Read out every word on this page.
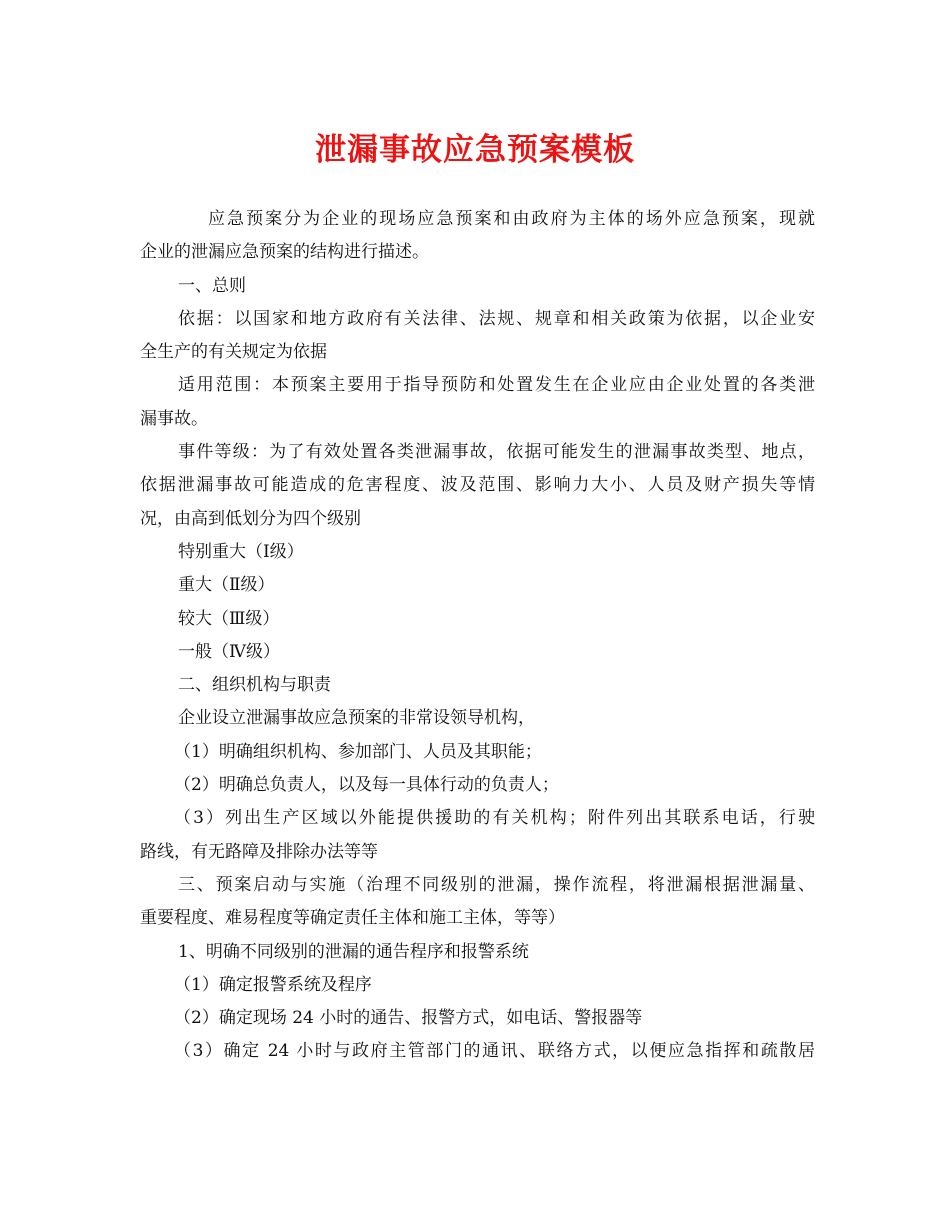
泄漏事故应急预案模板
应急预案分为企业的现场应急预案和由政府为主体的场外应急预案，现就
企业的泄漏应急预案的结构进行描述。
一、总则
依据：以国家和地方政府有关法律、法规、规章和相关政策为依据，以企业安
全生产的有关规定为依据
适用范围：本预案主要用于指导预防和处置发生在企业应由企业处置的各类泄
漏事故。
事件等级：为了有效处置各类泄漏事故，依据可能发生的泄漏事故类型、地点，
依据泄漏事故可能造成的危害程度、波及范围、影响力大小、人员及财产损失等情
况，由高到低划分为四个级别
特别重大（Ⅰ级）
重大（Ⅱ级）
较大（Ⅲ级）
一般（Ⅳ级）
二、组织机构与职责
企业设立泄漏事故应急预案的非常设领导机构，
（1）明确组织机构、参加部门、人员及其职能；
（2）明确总负责人，以及每一具体行动的负责人；
（3）列出生产区域以外能提供援助的有关机构；附件列出其联系电话，行驶
路线，有无路障及排除办法等等
三、预案启动与实施（治理不同级别的泄漏，操作流程，将泄漏根据泄漏量、
重要程度、难易程度等确定责任主体和施工主体，等等）
1、明确不同级别的泄漏的通告程序和报警系统
（1）确定报警系统及程序
（2）确定现场 24 小时的通告、报警方式，如电话、警报器等
（3）确定 24 小时与政府主管部门的通讯、联络方式，以便应急指挥和疏散居
